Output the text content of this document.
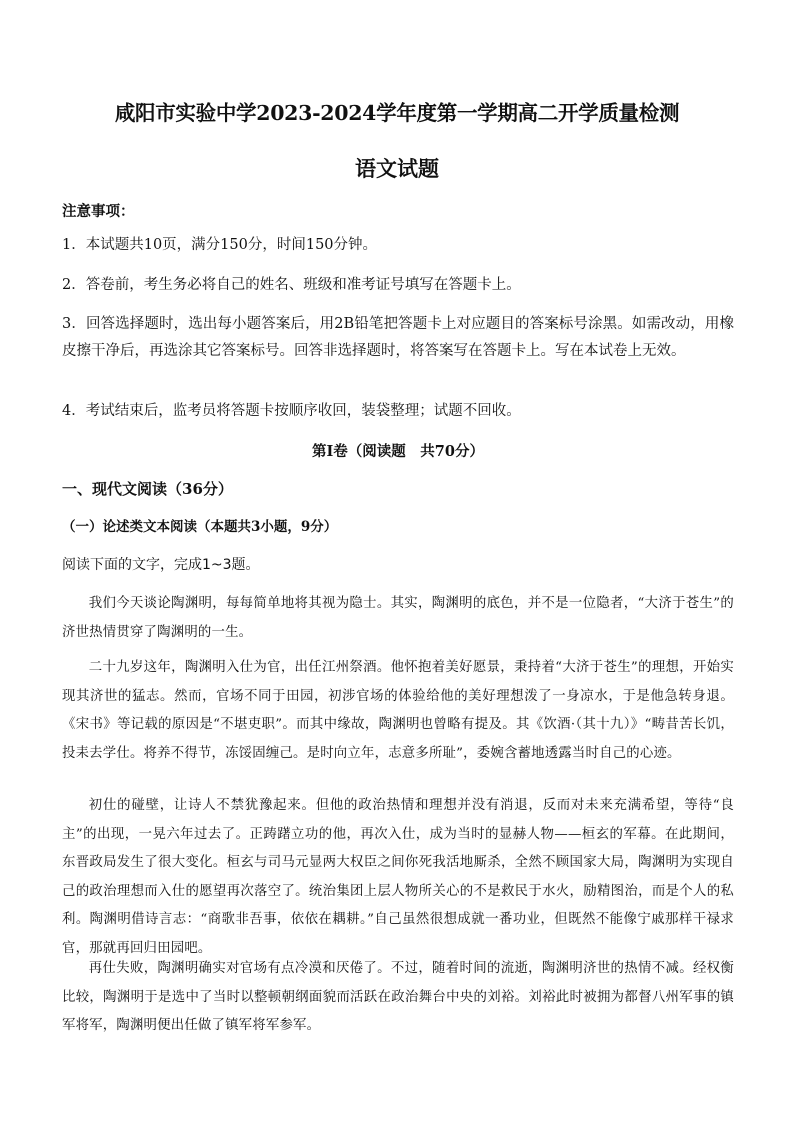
咸阳市实验中学2023-2024学年度第一学期高二开学质量检测
语文试题
注意事项：
1．本试题共10页，满分150分，时间150分钟。
2．答卷前，考生务必将自己的姓名、班级和准考证号填写在答题卡上。
3．回答选择题时，选出每小题答案后，用2B铅笔把答题卡上对应题目的答案标号涂黑。如需改动，用橡皮擦干净后，再选涂其它答案标号。回答非选择题时，将答案写在答题卡上。写在本试卷上无效。
4．考试结束后，监考员将答题卡按顺序收回，装袋整理；试题不回收。
第Ⅰ卷（阅读题　共70分）
一、现代文阅读（36分）
（一）论述类文本阅读（本题共3小题，9分）
阅读下面的文字，完成1~3题。
我们今天谈论陶渊明，每每简单地将其视为隐士。其实，陶渊明的底色，并不是一位隐者，“大济于苍生”的济世热情贯穿了陶渊明的一生。
二十九岁这年，陶渊明入仕为官，出任江州祭酒。他怀抱着美好愿景，秉持着“大济于苍生”的理想，开始实现其济世的猛志。然而，官场不同于田园，初涉官场的体验给他的美好理想泼了一身凉水，于是他急转身退。《宋书》等记载的原因是“不堪吏职”。而其中缘故，陶渊明也曾略有提及。其《饮酒·（其十九）》“畴昔苦长饥，投耒去学仕。将养不得节，冻馁固缠己。是时向立年，志意多所耻”，委婉含蓄地透露当时自己的心迹。
初仕的碰壁，让诗人不禁犹豫起来。但他的政治热情和理想并没有消退，反而对未来充满希望，等待“良主”的出现，一晃六年过去了。正踌躇立功的他，再次入仕，成为当时的显赫人物——桓玄的军幕。在此期间，东晋政局发生了很大变化。桓玄与司马元显两大权臣之间你死我活地厮杀，全然不顾国家大局，陶渊明为实现自己的政治理想而入仕的愿望再次落空了。统治集团上层人物所关心的不是救民于水火，励精图治，而是个人的私利。陶渊明借诗言志：“商歌非吾事，依依在耦耕。”自己虽然很想成就一番功业，但既然不能像宁戚那样干禄求官，那就再回归田园吧。
再仕失败，陶渊明确实对官场有点冷漠和厌倦了。不过，随着时间的流逝，陶渊明济世的热情不减。经权衡比较，陶渊明于是选中了当时以整顿朝纲面貌而活跃在政治舞台中央的刘裕。刘裕此时被拥为都督八州军事的镇军将军，陶渊明便出任做了镇军将军参军。
